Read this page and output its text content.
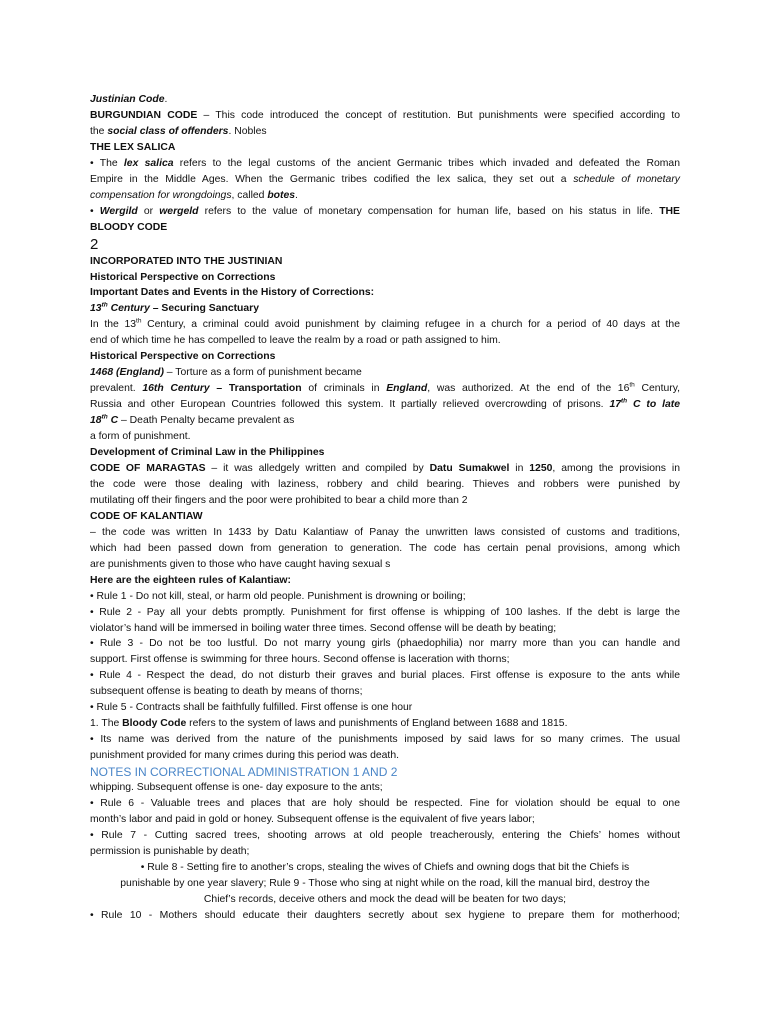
Justinian Code.
BURGUNDIAN CODE – This code introduced the concept of restitution. But punishments were specified according to
the social class of offenders. Nobles
THE LEX SALICA
• The lex salica refers to the legal customs of the ancient Germanic tribes which invaded and defeated the Roman
Empire in the Middle Ages. When the Germanic tribes codified the lex salica, they set out a schedule of monetary
compensation for wrongdoings, called botes.
• Wergild or wergeld refers to the value of monetary compensation for human life, based on his status in life. THE
BLOODY CODE
2
INCORPORATED INTO THE JUSTINIAN
Historical Perspective on Corrections
Important Dates and Events in the History of Corrections:
13th Century – Securing Sanctuary
In the 13th Century, a criminal could avoid punishment by claiming refugee in a church for a period of 40 days at the
end of which time he has compelled to leave the realm by a road or path assigned to him.
Historical Perspective on Corrections
1468 (England) – Torture as a form of punishment became
prevalent. 16th Century – Transportation of criminals in England, was authorized. At the end of the 16th Century,
Russia and other European Countries followed this system. It partially relieved overcrowding of prisons. 17th C to late
18th C – Death Penalty became prevalent as
a form of punishment.
Development of Criminal Law in the Philippines
CODE OF MARAGTAS – it was alledgely written and compiled by Datu Sumakwel in 1250, among the provisions in
the code were those dealing with laziness, robbery and child bearing. Thieves and robbers were punished by
mutilating off their fingers and the poor were prohibited to bear a child more than 2
CODE OF KALANTIAW
– the code was written In 1433 by Datu Kalantiaw of Panay the unwritten laws consisted of customs and traditions,
which had been passed down from generation to generation. The code has certain penal provisions, among which
are punishments given to those who have caught having sexual s
Here are the eighteen rules of Kalantiaw:
• Rule 1 - Do not kill, steal, or harm old people. Punishment is drowning or boiling;
• Rule 2 - Pay all your debts promptly. Punishment for first offense is whipping of 100 lashes. If the debt is large the
violator’s hand will be immersed in boiling water three times. Second offense will be death by beating;
• Rule 3 - Do not be too lustful. Do not marry young girls (phaedophilia) nor marry more than you can handle and
support. First offense is swimming for three hours. Second offense is laceration with thorns;
• Rule 4 - Respect the dead, do not disturb their graves and burial places. First offense is exposure to the ants while
subsequent offense is beating to death by means of thorns;
• Rule 5 - Contracts shall be faithfully fulfilled. First offense is one hour
1. The Bloody Code refers to the system of laws and punishments of England between 1688 and 1815.
• Its name was derived from the nature of the punishments imposed by said laws for so many crimes. The usual
punishment provided for many crimes during this period was death.
NOTES IN CORRECTIONAL ADMINISTRATION 1 AND 2
whipping. Subsequent offense is one- day exposure to the ants;
• Rule 6 - Valuable trees and places that are holy should be respected. Fine for violation should be equal to one
month’s labor and paid in gold or honey. Subsequent offense is the equivalent of five years labor;
• Rule 7 - Cutting sacred trees, shooting arrows at old people treacherously, entering the Chiefs’ homes without
permission is punishable by death;
• Rule 8 - Setting fire to another’s crops, stealing the wives of Chiefs and owning dogs that bit the Chiefs is
punishable by one year slavery; Rule 9 - Those who sing at night while on the road, kill the manual bird, destroy the
Chief’s records, deceive others and mock the dead will be beaten for two days;
• Rule 10 - Mothers should educate their daughters secretly about sex hygiene to prepare them for motherhood;
